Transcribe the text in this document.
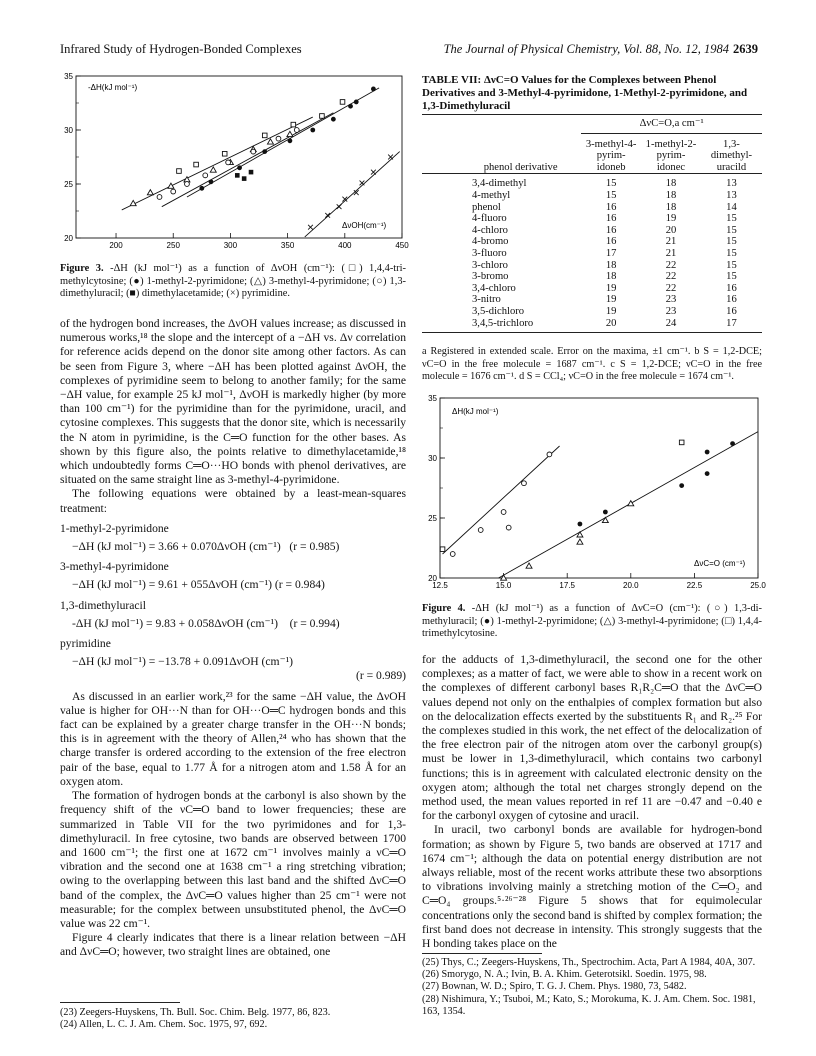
Infrared Study of Hydrogen-Bonded Complexes	The Journal of Physical Chemistry, Vol. 88, No. 12, 1984 2639
20
25
30
35
200	250	300	350	400	450
-ΔH(kJ mol⁻¹)
ΔνOH(cm⁻¹)
Figure 3. -ΔH (kJ mol⁻¹) as a function of ΔνOH (cm⁻¹): (□) 1,4,4-tri-methylcytosine; (●) 1-methyl-2-pyrimidone; (△) 3-methyl-4-pyrimidone; (○) 1,3-dimethyluracil; (■) dimethylacetamide; (×) pyrimidine.

of the hydrogen bond increases, the ΔνOH values increase; as discussed in numerous works,¹⁸ the slope and the intercept of a −ΔH vs. Δν correlation for reference acids depend on the donor site among other factors. As can be seen from Figure 3, where −ΔH has been plotted against ΔνOH, the complexes of pyrimidine seem to belong to another family; for the same −ΔH value, for example 25 kJ mol⁻¹, ΔνOH is markedly higher (by more than 100 cm⁻¹) for the pyrimidine than for the pyrimidone, uracil, and cytosine complexes. This suggests that the donor site, which is necessarily the N atom in pyrimidine, is the C═O function for the other bases. As shown by this figure also, the points relative to dimethylacetamide,¹⁸ which undoubtedly forms C═O···HO bonds with phenol derivatives, are situated on the same straight line as 3-methyl-4-pyrimidone.

The following equations were obtained by a least-mean-squares treatment:

1-methyl-2-pyrimidone
−ΔH (kJ mol⁻¹) = 3.66 + 0.070ΔνOH (cm⁻¹) (r = 0.985)
3-methyl-4-pyrimidone
−ΔH (kJ mol⁻¹) = 9.61 + 055ΔνOH (cm⁻¹) (r = 0.984)
1,3-dimethyluracil
-ΔH (kJ mol⁻¹) = 9.83 + 0.058ΔνOH (cm⁻¹) (r = 0.994)
pyrimidine
−ΔH (kJ mol⁻¹) = −13.78 + 0.091ΔνOH (cm⁻¹)
(r = 0.989)

As discussed in an earlier work,²³ for the same −ΔH value, the ΔνOH value is higher for OH···N than for OH···O═C hydrogen bonds and this fact can be explained by a greater charge transfer in the OH···N bonds; this is in agreement with the theory of Allen,²⁴ who has shown that the charge transfer is ordered according to the extension of the free electron pair of the base, equal to 1.77 Å for a nitrogen atom and 1.58 Å for an oxygen atom.

The formation of hydrogen bonds at the carbonyl is also shown by the frequency shift of the νC═O band to lower frequencies; these are summarized in Table VII for the two pyrimidones and for 1,3-dimethyluracil. In free cytosine, two bands are observed between 1700 and 1600 cm⁻¹; the first one at 1672 cm⁻¹ involves mainly a νC═O vibration and the second one at 1638 cm⁻¹ a ring stretching vibration; owing to the overlapping between this last band and the shifted ΔνC═O band of the complex, the ΔνC═O values higher than 25 cm⁻¹ were not measurable; for the complex between unsubstituted phenol, the ΔνC═O value was 22 cm⁻¹.

Figure 4 clearly indicates that there is a linear relation between −ΔH and ΔνC═O; however, two straight lines are obtained, one

(23) Zeegers-Huyskens, Th. Bull. Soc. Chim. Belg. 1977, 86, 823.
(24) Allen, L. C. J. Am. Chem. Soc. 1975, 97, 692.
TABLE VII: ΔνC=O Values for the Complexes between Phenol Derivatives and 3-Methyl-4-pyrimidone, 1-Methyl-2-pyrimidone, and 1,3-Dimethyluracil
	ΔνC=O,a cm⁻¹		
phenol derivative	3-methyl-4-pyrim-idoneb	1-methyl-2-pyrim-idonec	1,3-dimethyl-uracild
3,4-dimethyl	15	18	13
4-methyl	15	18	13
phenol	16	18	14
4-fluoro	16	19	15
4-chloro	16	20	15
4-bromo	16	21	15
3-fluoro	17	21	15
3-chloro	18	22	15
3-bromo	18	22	15
3,4-chloro	19	22	16
3-nitro	19	23	16
3,5-dichloro	19	23	16
3,4,5-trichloro	20	24	17

a Registered in extended scale. Error on the maxima, ±1 cm⁻¹. b S = 1,2-DCE; νC=O in the free molecule = 1687 cm⁻¹. c S = 1,2-DCE; νC=O in the free molecule = 1676 cm⁻¹. d S = CCl₄; νC=O in the free molecule = 1674 cm⁻¹.
20
25
30
35
12.5	15.0	17.5	20.0	22.5	25.0
ΔH(kJ mol⁻¹)
ΔνC=O (cm⁻¹)
Figure 4. -ΔH (kJ mol⁻¹) as a function of ΔνC=O (cm⁻¹): (○) 1,3-di-methyluracil; (●) 1-methyl-2-pyrimidone; (△) 3-methyl-4-pyrimidone; (□) 1,4,4-trimethylcytosine.

for the adducts of 1,3-dimethyluracil, the second one for the other complexes; as a matter of fact, we were able to show in a recent work on the complexes of different carbonyl bases R₁R₂C═O that the ΔνC═O values depend not only on the enthalpies of complex formation but also on the delocalization effects exerted by the substituents R₁ and R₂.²⁵ For the complexes studied in this work, the net effect of the delocalization of the free electron pair of the nitrogen atom over the carbonyl group(s) must be lower in 1,3-dimethyluracil, which contains two carbonyl functions; this is in agreement with calculated electronic density on the oxygen atom; although the total net charges strongly depend on the method used, the mean values reported in ref 11 are −0.47 and −0.40 e for the carbonyl oxygen of cytosine and uracil.

In uracil, two carbonyl bonds are available for hydrogen-bond formation; as shown by Figure 5, two bands are observed at 1717 and 1674 cm⁻¹; although the data on potential energy distribution are not always reliable, most of the recent works attribute these two absorptions to vibrations involving mainly a stretching motion of the C═O₂ and C═O₄ groups.⁵·²⁶⁻²⁸ Figure 5 shows that for equimolecular concentrations only the second band is shifted by complex formation; the first band does not decrease in intensity. This strongly suggests that the H bonding takes place on the

(25) Thys, C.; Zeegers-Huyskens, Th., Spectrochim. Acta, Part A 1984, 40A, 307.
(26) Smorygo, N. A.; Ivin, B. A. Khim. Geterotsikl. Soedin. 1975, 98.
(27) Bownan, W. D.; Spiro, T. G. J. Chem. Phys. 1980, 73, 5482.
(28) Nishimura, Y.; Tsuboi, M.; Kato, S.; Morokuma, K. J. Am. Chem. Soc. 1981, 163, 1354.
